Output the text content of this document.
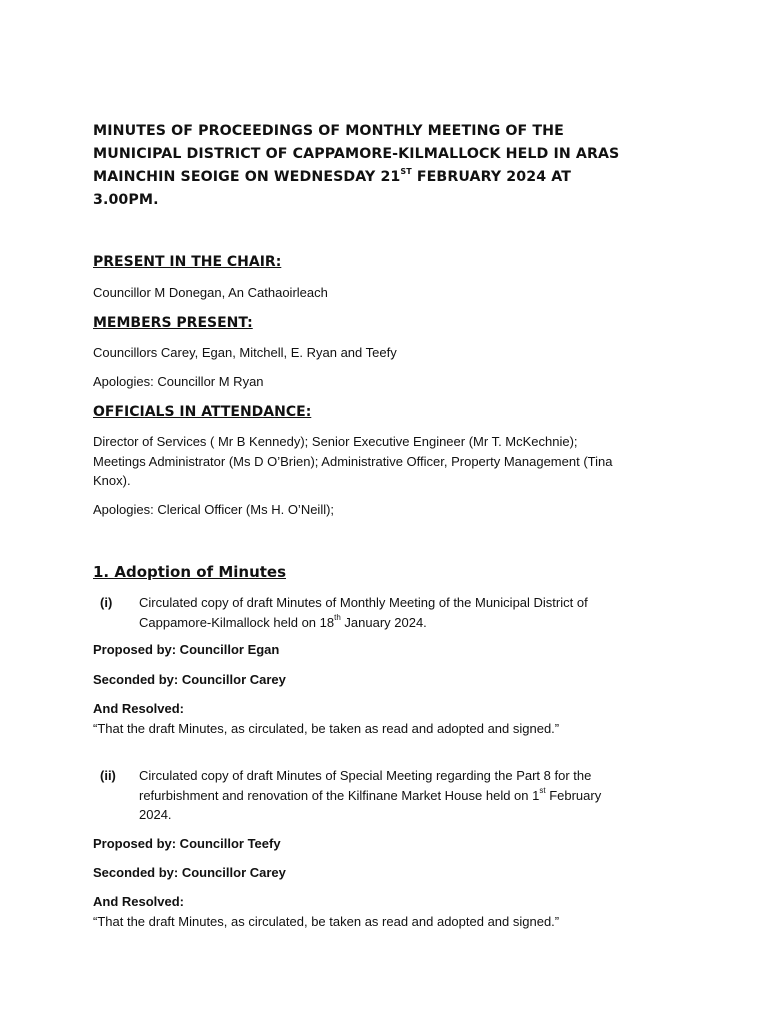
MINUTES OF PROCEEDINGS OF MONTHLY MEETING OF THE
MUNICIPAL DISTRICT OF CAPPAMORE-KILMALLOCK HELD IN ARAS
MAINCHIN SEOIGE ON WEDNESDAY 21ST FEBRUARY 2024 AT
3.00PM.
PRESENT IN THE CHAIR:
Councillor M Donegan, An Cathaoirleach
MEMBERS PRESENT:
Councillors Carey, Egan, Mitchell, E. Ryan and Teefy
Apologies: Councillor M Ryan
OFFICIALS IN ATTENDANCE:
Director of Services ( Mr B Kennedy); Senior Executive Engineer (Mr T. McKechnie);
Meetings Administrator (Ms D O’Brien); Administrative Officer, Property Management (Tina
Knox).
Apologies: Clerical Officer (Ms H. O’Neill);
1. Adoption of Minutes
(i) Circulated copy of draft Minutes of Monthly Meeting of the Municipal District of
Cappamore-Kilmallock held on 18th January 2024.
Proposed by: Councillor Egan
Seconded by: Councillor Carey
And Resolved:
“That the draft Minutes, as circulated, be taken as read and adopted and signed.”
(ii) Circulated copy of draft Minutes of Special Meeting regarding the Part 8 for the
refurbishment and renovation of the Kilfinane Market House held on 1st February
2024.
Proposed by: Councillor Teefy
Seconded by: Councillor Carey
And Resolved:
“That the draft Minutes, as circulated, be taken as read and adopted and signed.”
